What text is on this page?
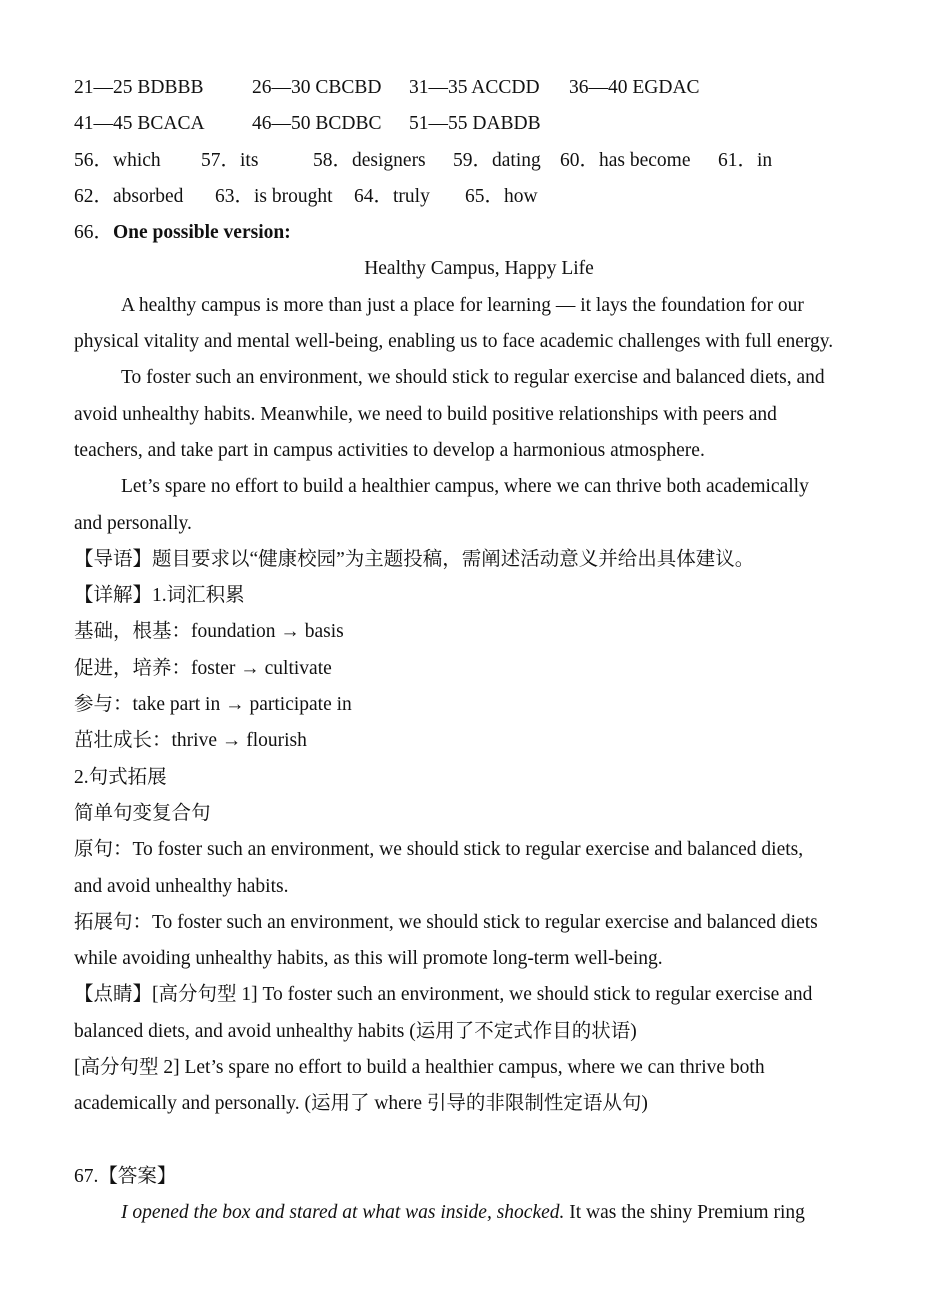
21—25 BDBBB 26—30 CBCBD 31—35 ACCDD 36—40 EGDAC
41—45 BCACA 46—50 BCDBC 51—55 DABDB
56．which 57．its	58．designers 59．dating 60．has become 61．in
62．absorbed 63．is brought 64．truly 65．how
66．One possible version:
Healthy Campus, Happy Life
A healthy campus is more than just a place for learning — it lays the foundation for our
physical vitality and mental well-being, enabling us to face academic challenges with full energy.
To foster such an environment, we should stick to regular exercise and balanced diets, and
avoid unhealthy habits. Meanwhile, we need to build positive relationships with peers and
teachers, and take part in campus activities to develop a harmonious atmosphere.
Let’s spare no effort to build a healthier campus, where we can thrive both academically
and personally.
【导语】题目要求以“健康校园”为主题投稿，需阐述活动意义并给出具体建议。
【详解】1.词汇积累
基础，根基：foundation → basis
促进，培养：foster → cultivate
参与：take part in → participate in
茁壮成长：thrive → flourish
2.句式拓展
简单句变复合句
原句：To foster such an environment, we should stick to regular exercise and balanced diets,
and avoid unhealthy habits.
拓展句：To foster such an environment, we should stick to regular exercise and balanced diets
while avoiding unhealthy habits, as this will promote long-term well-being.
【点睛】[高分句型 1] To foster such an environment, we should stick to regular exercise and
balanced diets, and avoid unhealthy habits (运用了不定式作目的状语)
[高分句型 2] Let’s spare no effort to build a healthier campus, where we can thrive both
academically and personally. (运用了 where 引导的非限制性定语从句)
67.【答案】
I opened the box and stared at what was inside, shocked. It was the shiny Premium ring
